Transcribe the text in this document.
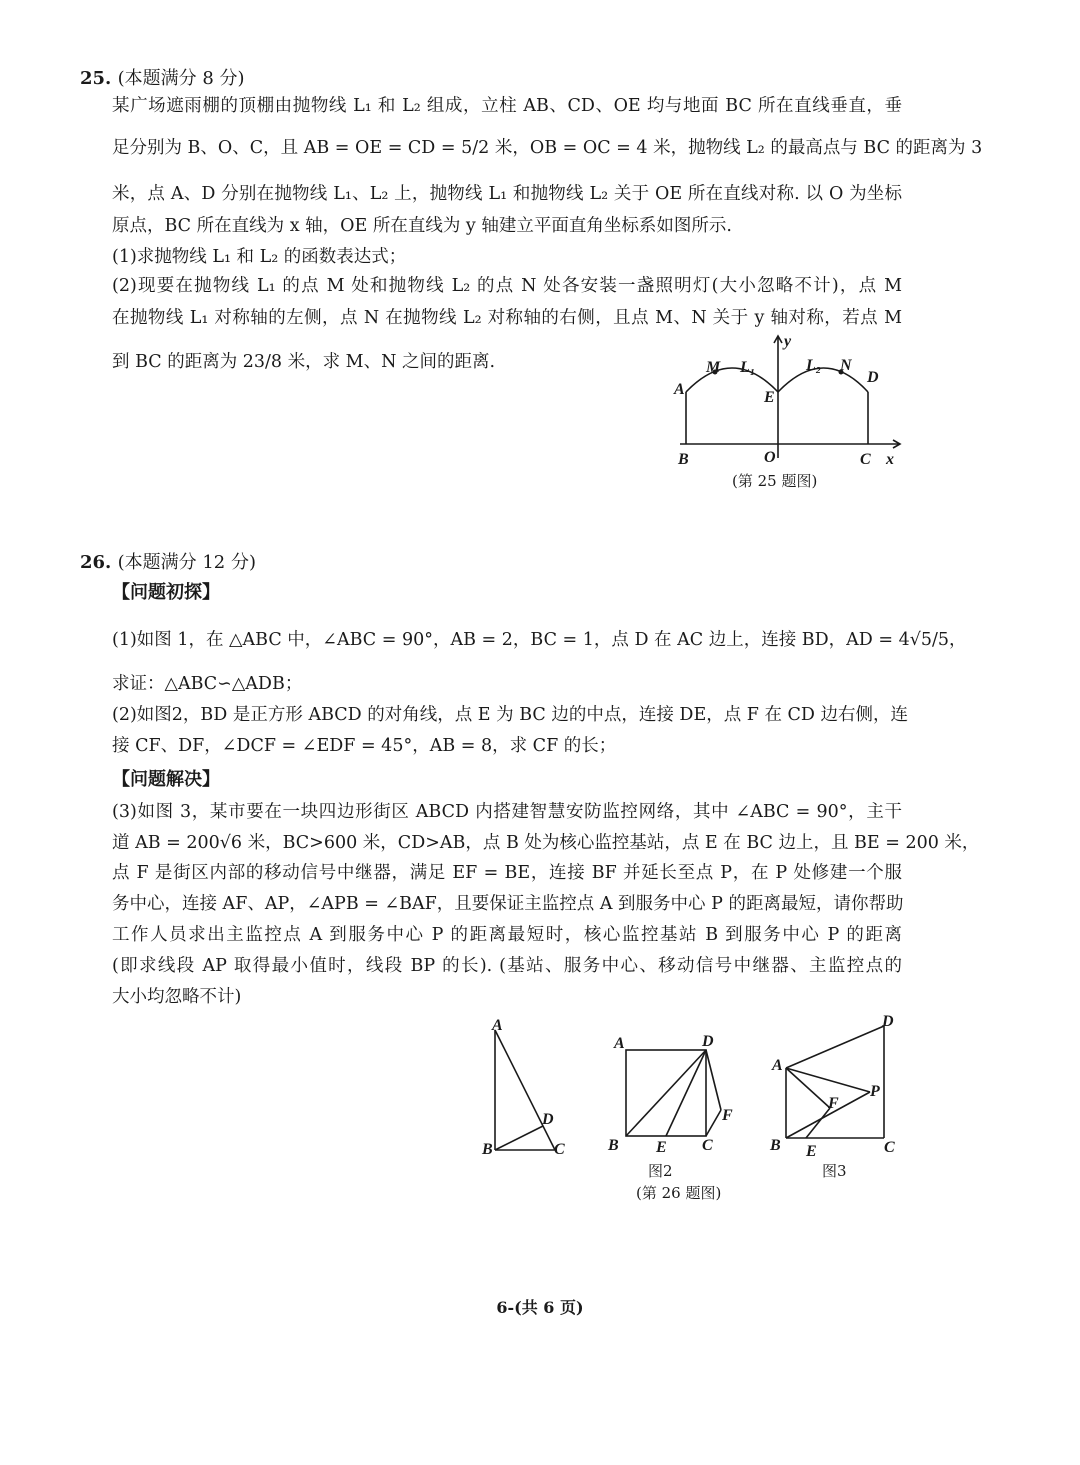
25. (本题满分 8 分)
某广场遮雨棚的顶棚由抛物线 L₁ 和 L₂ 组成，立柱 AB、CD、OE 均与地面 BC 所在直线垂直，垂
足分别为 B、O、C，且 AB = OE = CD = 5/2 米，OB = OC = 4 米，抛物线 L₂ 的最高点与 BC 的距离为 3
米，点 A、D 分别在抛物线 L₁、L₂ 上，抛物线 L₁ 和抛物线 L₂ 关于 OE 所在直线对称. 以 O 为坐标
原点，BC 所在直线为 x 轴，OE 所在直线为 y 轴建立平面直角坐标系如图所示.
(1)求抛物线 L₁ 和 L₂ 的函数表达式；
(2)现要在抛物线 L₁ 的点 M 处和抛物线 L₂ 的点 N 处各安装一盏照明灯(大小忽略不计)，点 M
在抛物线 L₁ 对称轴的左侧，点 N 在抛物线 L₂ 对称轴的右侧，且点 M、N 关于 y 轴对称，若点 M
到 BC 的距离为 23/8 米，求 M、N 之间的距离.
y
M L₁	L₂ N
A
D
E
B	O	C x
(第 25 题图)
26. (本题满分 12 分)
【问题初探】
(1)如图 1，在 △ABC 中，∠ABC = 90°，AB = 2，BC = 1，点 D 在 AC 边上，连接 BD，AD = 4√5/5，
求证：△ABC∽△ADB；
(2)如图2，BD 是正方形 ABCD 的对角线，点 E 为 BC 边的中点，连接 DE，点 F 在 CD 边右侧，连
接 CF、DF，∠DCF = ∠EDF = 45°，AB = 8，求 CF 的长；
【问题解决】
(3)如图 3，某市要在一块四边形街区 ABCD 内搭建智慧安防监控网络，其中 ∠ABC = 90°，主干
道 AB = 200√6 米，BC>600 米，CD>AB，点 B 处为核心监控基站，点 E 在 BC 边上，且 BE = 200 米，
点 F 是街区内部的移动信号中继器，满足 EF = BE，连接 BF 并延长至点 P，在 P 处修建一个服
务中心，连接 AF、AP，∠APB = ∠BAF，且要保证主监控点 A 到服务中心 P 的距离最短，请你帮助
工作人员求出主监控点 A 到服务中心 P 的距离最短时，核心监控基站 B 到服务中心 P 的距离
(即求线段 AP 取得最小值时，线段 BP 的长). (基站、服务中心、移动信号中继器、主监控点的
大小均忽略不计)
A
B	C
D
A
B	C
D
E
F
图2
(第 26 题图)
A
B	C
D
E
F
P
图3
6-(共 6 页)
